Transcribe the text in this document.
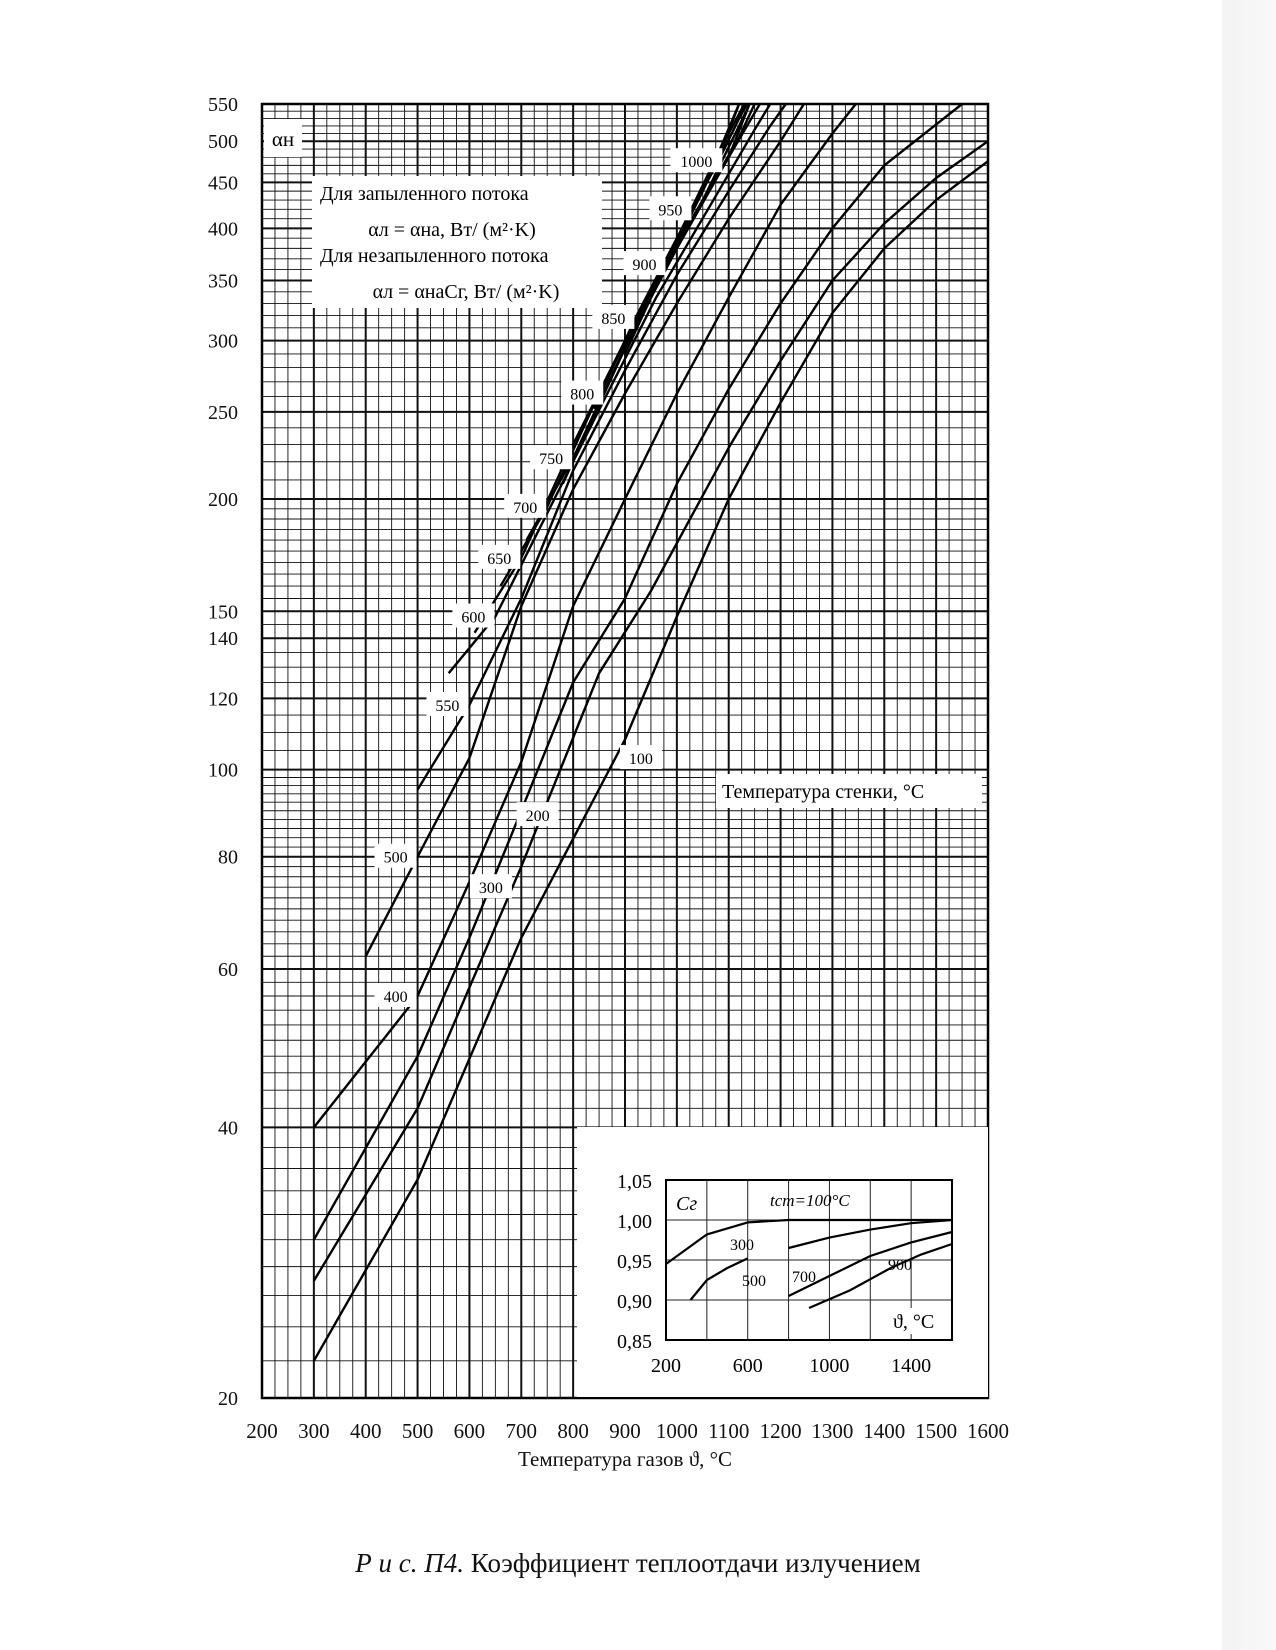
200 300 400 500 600 700 800 900 1000 1100 1200 1300 1400 1500 1600
20
40
60
80
100
120
140
150
200
250
300
350
400
450
500
550
Температура газов ϑ, °C
100
200
300
400
500
550
600
650
700
750
800
850
900
950
1000
αн
Для запыленного потока
αл = αнa, Вт/ (м²·K)
Для незапыленного потока
αл = αнaCг, Вт/ (м²·K)
Температура стенки, °C
1,05
1,00
0,95
0,90
0,85
200	600 1000 1400
Cг	tст=100°С
ϑ, °C
300
500 700
900
Р и с. П4. Коэффициент теплоотдачи излучением
